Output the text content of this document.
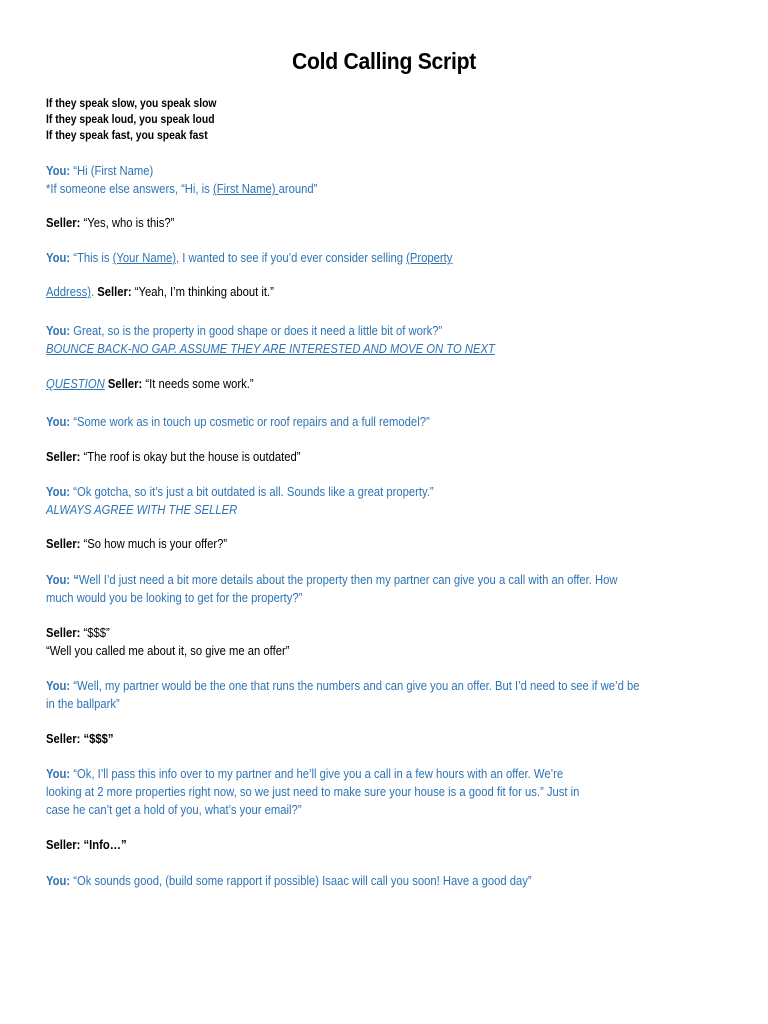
Cold Calling Script
If they speak slow, you speak slow
If they speak loud, you speak loud
If they speak fast, you speak fast
You: “Hi (First Name)
*If someone else answers, “Hi, is (First Name) around”
Seller: “Yes, who is this?”
You: “This is (Your Name), I wanted to see if you’d ever consider selling (Property
Address). Seller: “Yeah, I’m thinking about it.”
You: Great, so is the property in good shape or does it need a little bit of work?”
BOUNCE BACK-NO GAP. ASSUME THEY ARE INTERESTED AND MOVE ON TO NEXT
QUESTION Seller: “It needs some work.”
You: “Some work as in touch up cosmetic or roof repairs and a full remodel?”
Seller: “The roof is okay but the house is outdated”
You: “Ok gotcha, so it’s just a bit outdated is all. Sounds like a great property.”
ALWAYS AGREE WITH THE SELLER
Seller: “So how much is your offer?”
You: “Well I’d just need a bit more details about the property then my partner can give you a call with an offer. How
much would you be looking to get for the property?”
Seller: “$$$”
“Well you called me about it, so give me an offer”
You: “Well, my partner would be the one that runs the numbers and can give you an offer. But I’d need to see if we’d be
in the ballpark”
Seller: “$$$”
You: “Ok, I’ll pass this info over to my partner and he’ll give you a call in a few hours with an offer. We’re
looking at 2 more properties right now, so we just need to make sure your house is a good fit for us.” Just in
case he can’t get a hold of you, what’s your email?”
Seller: “Info…”
You: “Ok sounds good, (build some rapport if possible) Isaac will call you soon! Have a good day”
